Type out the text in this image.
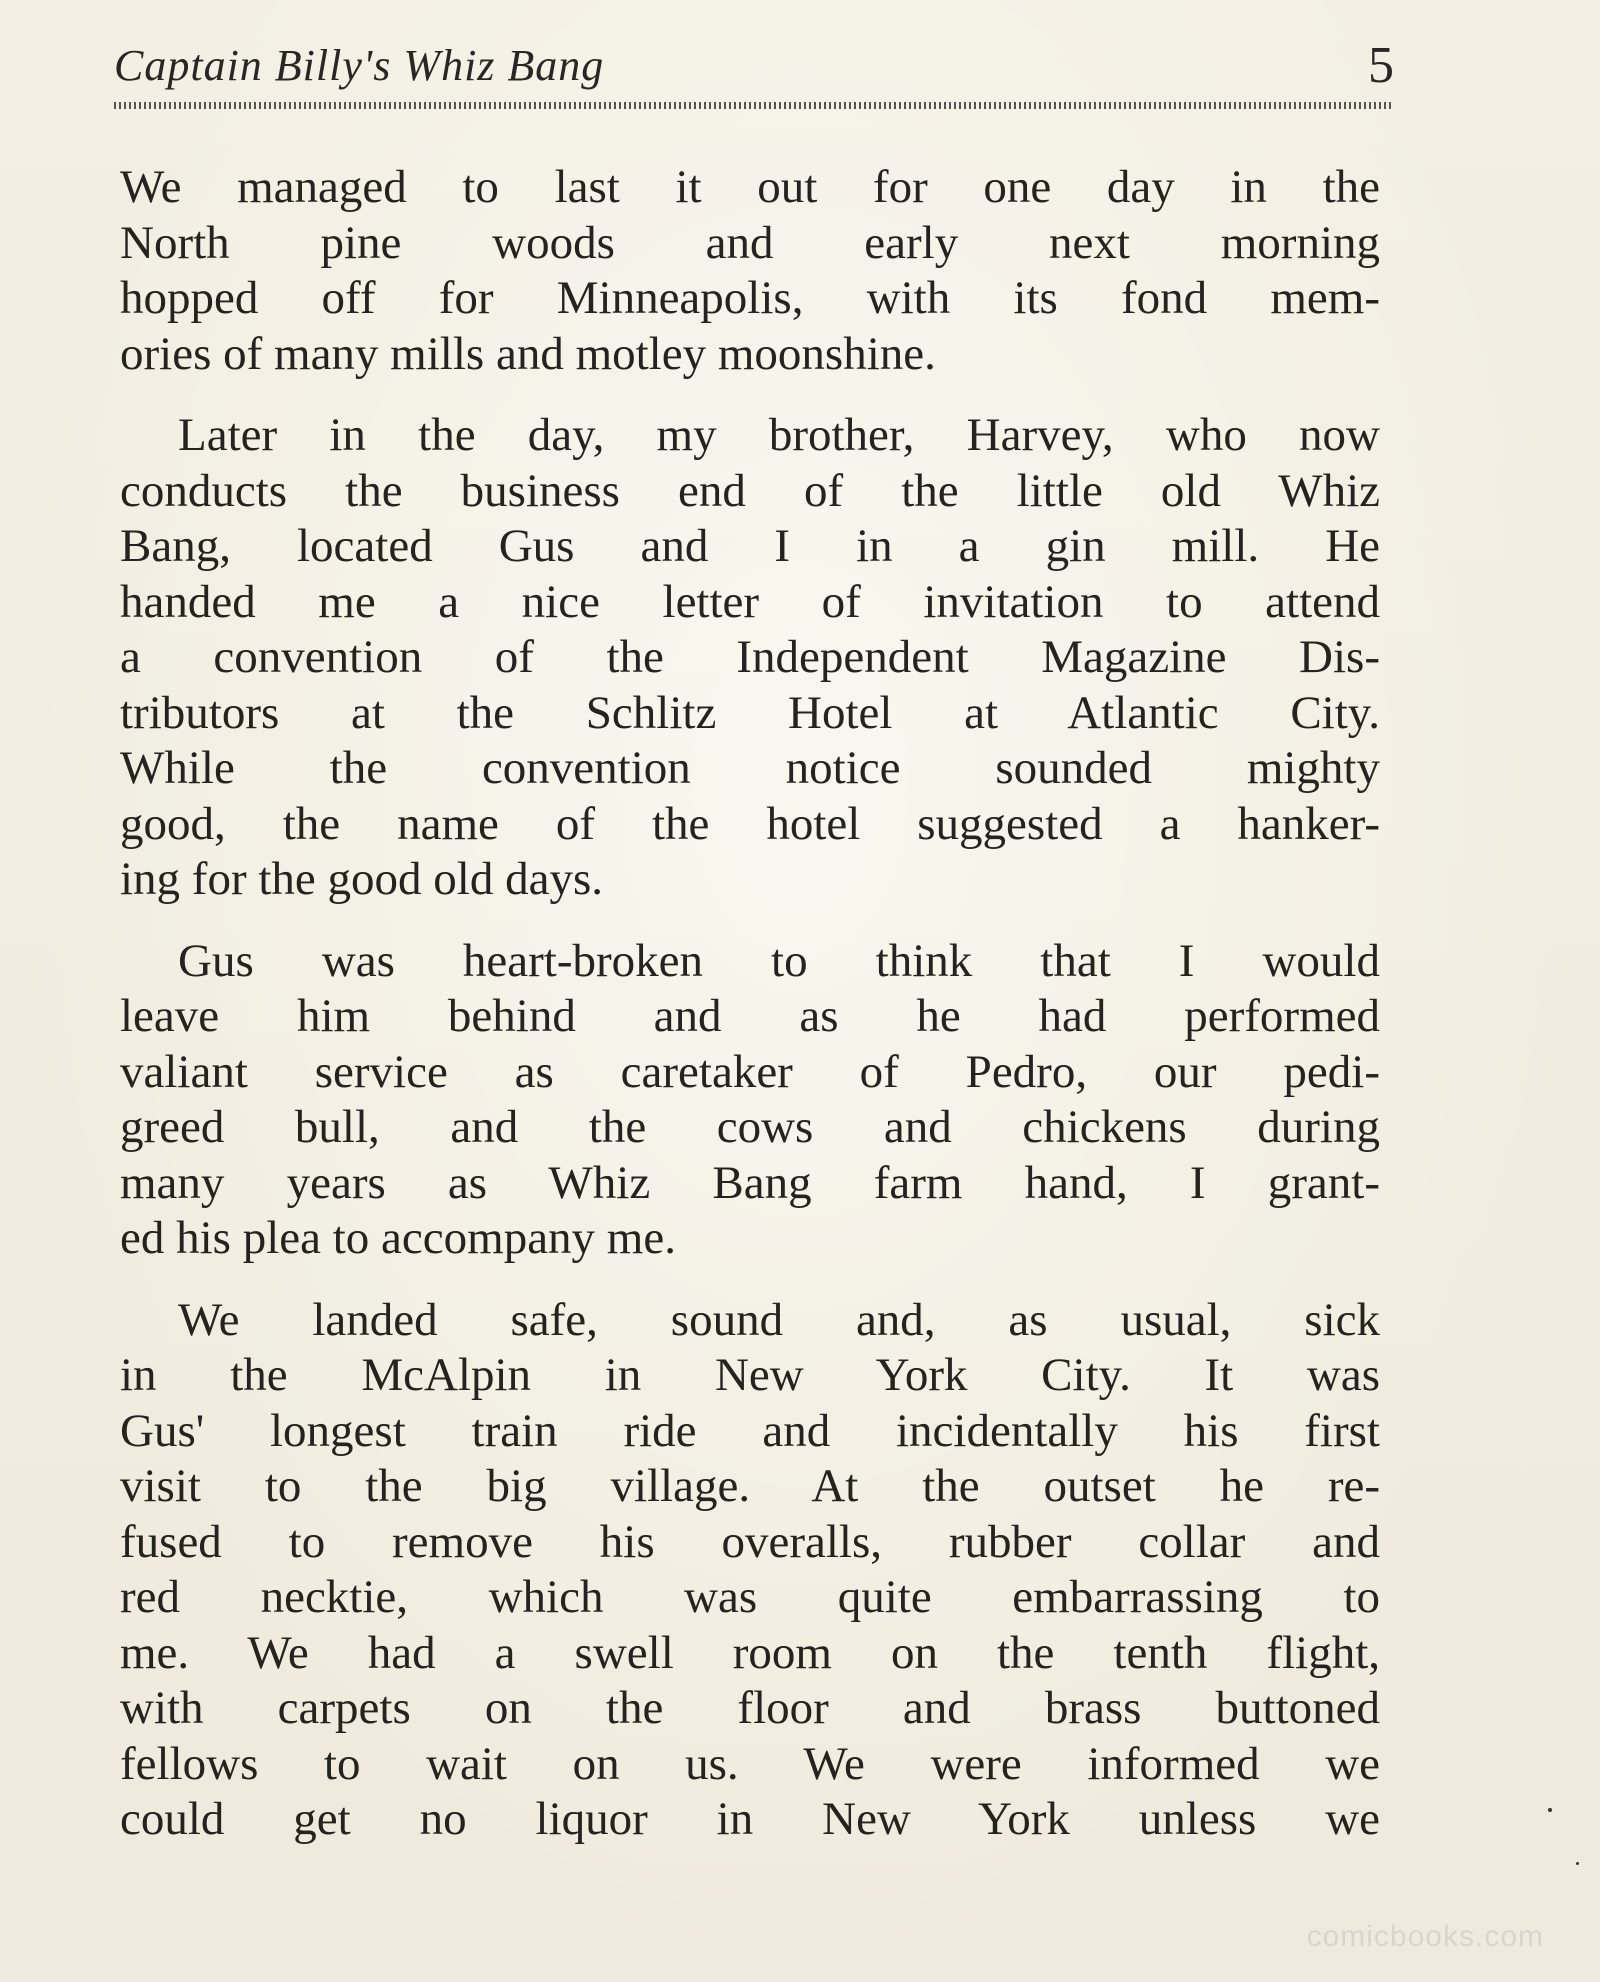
Captain Billy's Whiz Bang	5
We managed to last it out for one day in the
North pine woods and early next morning
hopped off for Minneapolis, with its fond mem-
ories of many mills and motley moonshine.
Later in the day, my brother, Harvey, who now
conducts the business end of the little old Whiz
Bang, located Gus and I in a gin mill. He
handed me a nice letter of invitation to attend
a convention of the Independent Magazine Dis-
tributors at the Schlitz Hotel at Atlantic City.
While the convention notice sounded mighty
good, the name of the hotel suggested a hanker-
ing for the good old days.
Gus was heart-broken to think that I would
leave him behind and as he had performed
valiant service as caretaker of Pedro, our pedi-
greed bull, and the cows and chickens during
many years as Whiz Bang farm hand, I grant-
ed his plea to accompany me.
We landed safe, sound and, as usual, sick
in the McAlpin in New York City. It was
Gus' longest train ride and incidentally his first
visit to the big village. At the outset he re-
fused to remove his overalls, rubber collar and
red necktie, which was quite embarrassing to
me. We had a swell room on the tenth flight,
with carpets on the floor and brass buttoned
fellows to wait on us. We were informed we
could get no liquor in New York unless we
comicbooks.com
